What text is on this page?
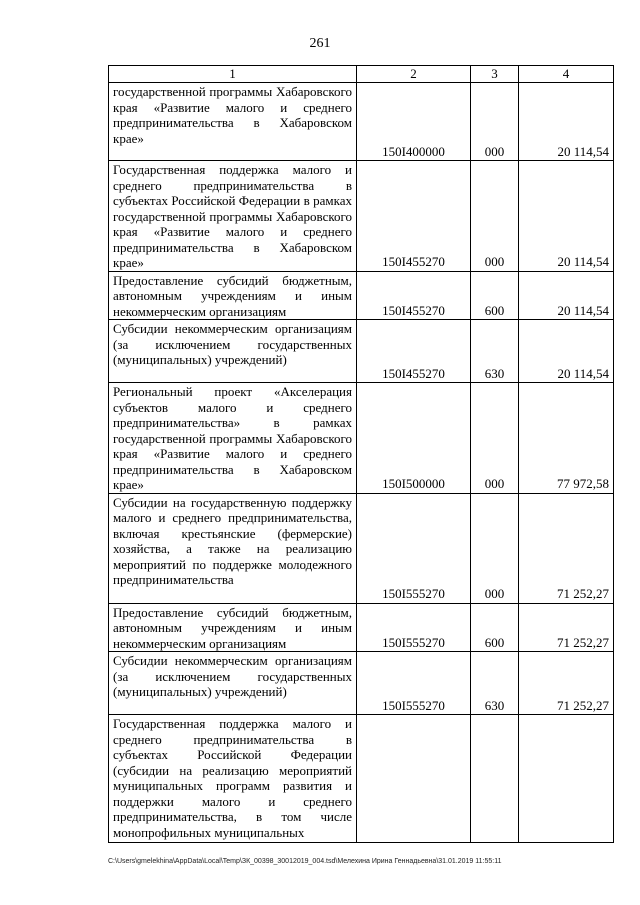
261
1	2	3	4
государственной программы Хабаровского края «Развитие малого и среднего предпринимательства в Хабаровском крае»	150I400000	000	20 114,54
Государственная поддержка малого и среднего предпринимательства в субъектах Российской Федерации в рамках государственной программы Хабаровского края «Развитие малого и среднего предпринимательства в Хабаровском крае»	150I455270	000	20 114,54
Предоставление субсидий бюджетным, автономным учреждениям и иным некоммерческим организациям	150I455270	600	20 114,54
Субсидии некоммерческим организациям (за исключением государственных (муниципальных) учреждений)	150I455270	630	20 114,54
Региональный проект «Акселерация субъектов малого и среднего предпринимательства» в рамках государственной программы Хабаровского края «Развитие малого и среднего предпринимательства в Хабаровском крае»	150I500000	000	77 972,58
Субсидии на государственную поддержку малого и среднего предпринимательства, включая крестьянские (фермерские) хозяйства, а также на реализацию мероприятий по поддержке молодежного предпринимательства	150I555270	000	71 252,27
Предоставление субсидий бюджетным, автономным учреждениям и иным некоммерческим организациям	150I555270	600	71 252,27
Субсидии некоммерческим организациям (за исключением государственных (муниципальных) учреждений)	150I555270	630	71 252,27
Государственная поддержка малого и среднего предпринимательства в субъектах Российской Федерации (субсидии на реализацию мероприятий муниципальных программ развития и поддержки малого и среднего предпринимательства, в том числе монопрофильных муниципальных			
C:\Users\gmelekhina\AppData\Local\Temp\ЗК_00398_30012019_004.tsd\Мелехина Ирина Геннадьевна\31.01.2019 11:55:11
